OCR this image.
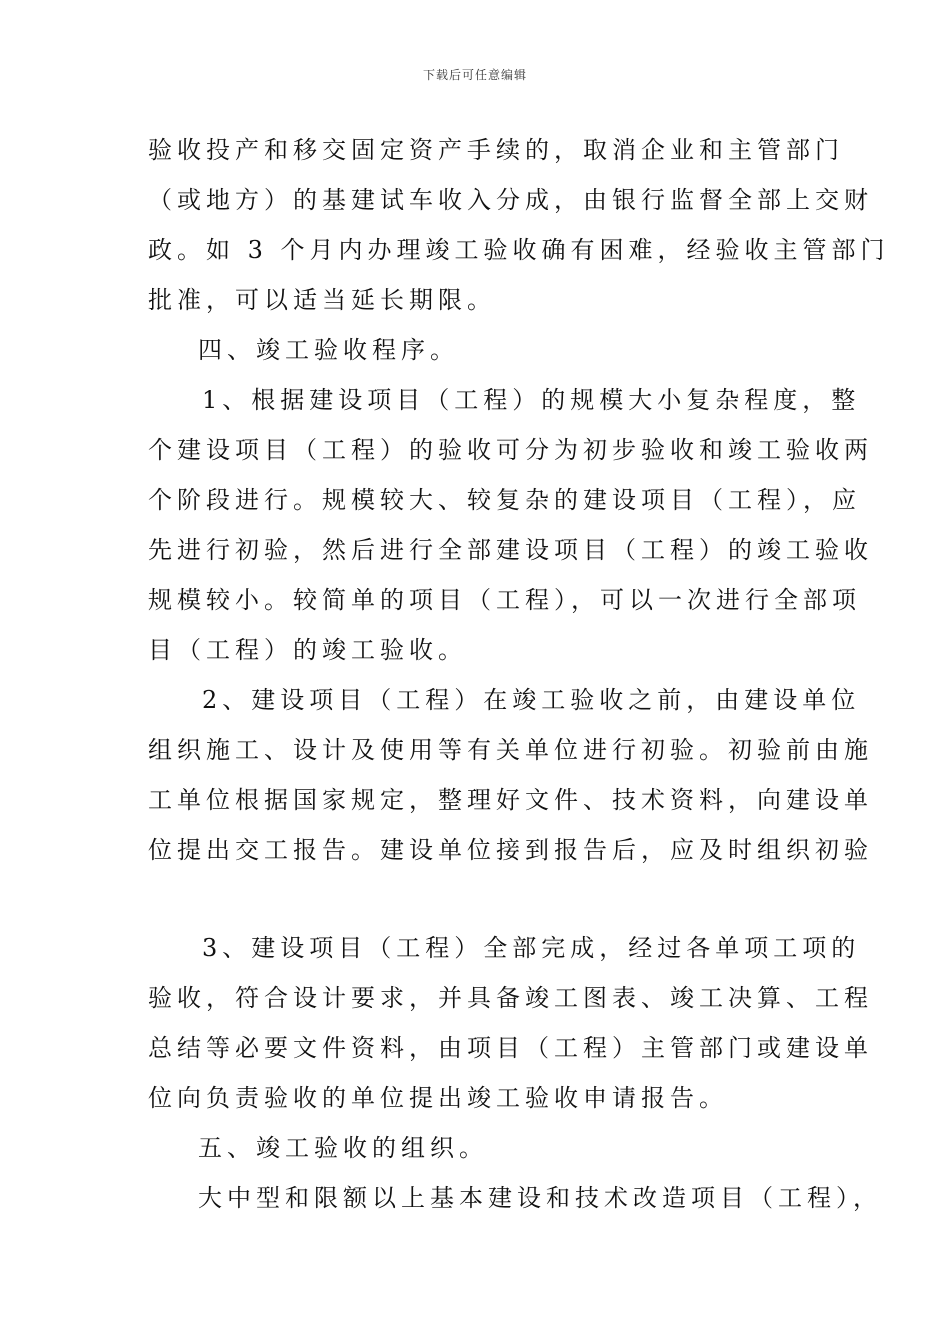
下载后可任意编辑
验收投产和移交固定资产手续的，取消企业和主管部门
（或地方）的基建试车收入分成，由银行监督全部上交财
政。如 3 个月内办理竣工验收确有困难，经验收主管部门
批准，可以适当延长期限。
四、竣工验收程序。
1、根据建设项目（工程）的规模大小复杂程度，整
个建设项目（工程）的验收可分为初步验收和竣工验收两
个阶段进行。规模较大、较复杂的建设项目（工程），应
先进行初验，然后进行全部建设项目（工程）的竣工验收
规模较小。较简单的项目（工程），可以一次进行全部项
目（工程）的竣工验收。
2、建设项目（工程）在竣工验收之前，由建设单位
组织施工、设计及使用等有关单位进行初验。初验前由施
工单位根据国家规定，整理好文件、技术资料，向建设单
位提出交工报告。建设单位接到报告后，应及时组织初验
3、建设项目（工程）全部完成，经过各单项工项的
验收，符合设计要求，并具备竣工图表、竣工决算、工程
总结等必要文件资料，由项目（工程）主管部门或建设单
位向负责验收的单位提出竣工验收申请报告。
五、竣工验收的组织。
大中型和限额以上基本建设和技术改造项目（工程），
